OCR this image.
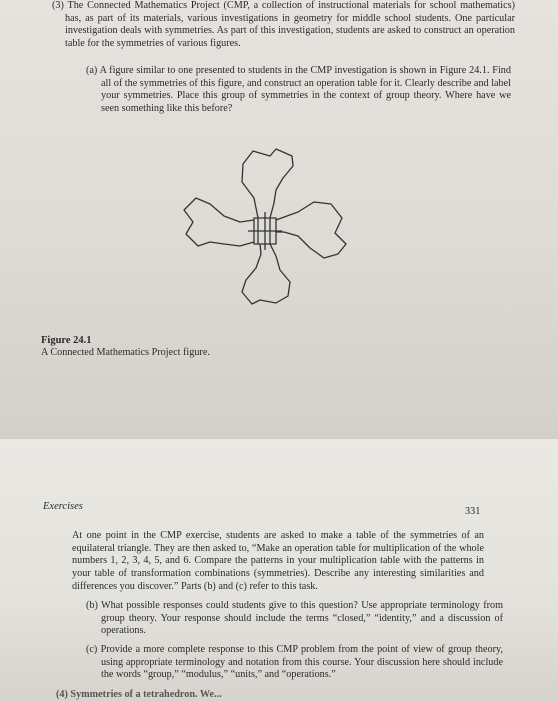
(3) The Connected Mathematics Project (CMP, a collection of instructional materials for school mathematics) has, as part of its materials, various investigations in geometry for middle school students. One particular investigation deals with symmetries. As part of this investigation, students are asked to construct an operation table for the symmetries of various figures.

(a) A figure similar to one presented to students in the CMP investigation is shown in Figure 24.1. Find all of the symmetries of this figure, and construct an operation table for it. Clearly describe and label your symmetries. Place this group of symmetries in the context of group theory. Where have we seen something like this before?

Figure 24.1
A Connected Mathematics Project figure.
Exercises	331

At one point in the CMP exercise, students are asked to make a table of the symmetries of an equilateral triangle. They are then asked to, “Make an operation table for multiplication of the whole numbers 1, 2, 3, 4, 5, and 6. Compare the patterns in your multiplication table with the patterns in your table of transformation combinations (symmetries). Describe any interesting similarities and differences you discover.” Parts (b) and (c) refer to this task.

(b) What possible responses could students give to this question? Use appropriate terminology from group theory. Your response should include the terms “closed,” “identity,” and a discussion of operations.

(c) Provide a more complete response to this CMP problem from the point of view of group theory, using appropriate terminology and notation from this course. Your discussion here should include the words “group,” “modulus,” “units,” and “operations.”

(4) Symmetries of a tetrahedron. We...
